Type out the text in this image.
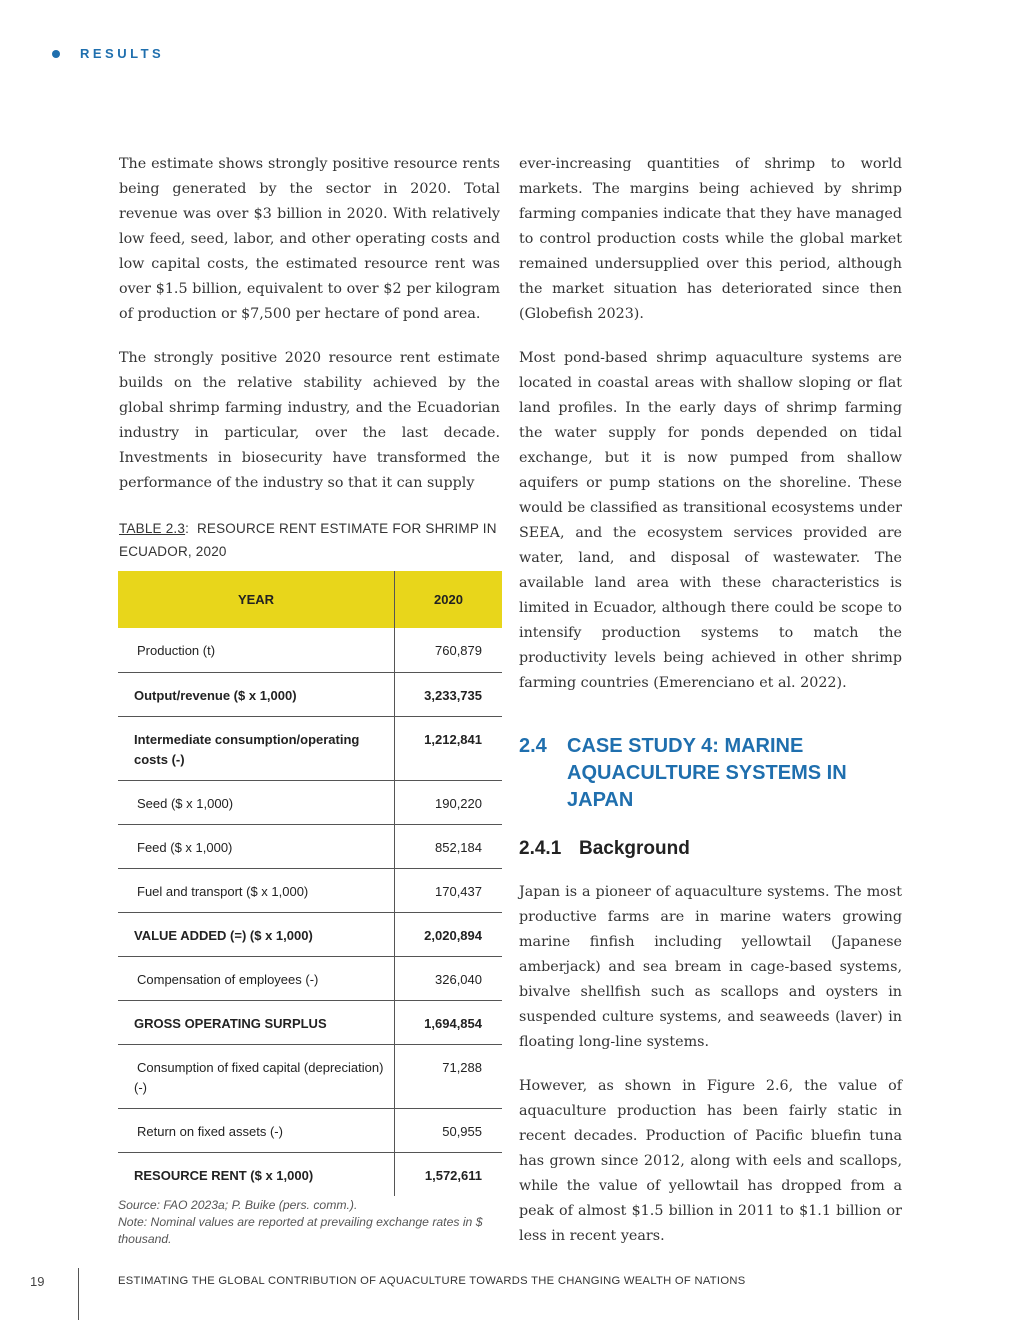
RESULTS

The estimate shows strongly positive resource rents being generated by the sector in 2020. Total revenue was over $3 billion in 2020. With relatively low feed, seed, labor, and other operating costs and low capital costs, the estimated resource rent was over $1.5 billion, equivalent to over $2 per kilogram of production or $7,500 per hectare of pond area.

The strongly positive 2020 resource rent estimate builds on the relative stability achieved by the global shrimp farming industry, and the Ecuadorian industry in particular, over the last decade. Investments in biosecurity have transformed the performance of the industry so that it can supply

TABLE 2.3: RESOURCE RENT ESTIMATE FOR SHRIMP IN ECUADOR, 2020
YEAR	2020

Production (t)	760,879

Output/revenue ($ x 1,000)	3,233,735

Intermediate consumption/operating costs (-)	1,212,841

Seed ($ x 1,000)	190,220

Feed ($ x 1,000)	852,184

Fuel and transport ($ x 1,000)	170,437

VALUE ADDED (=) ($ x 1,000)	2,020,894

Compensation of employees (-)	326,040

GROSS OPERATING SURPLUS	1,694,854

Consumption of fixed capital (depreciation) (-)	71,288

Return on fixed assets (-)	50,955

RESOURCE RENT ($ x 1,000)	1,572,611
Source: FAO 2023a; P. Buike (pers. comm.).
Note: Nominal values are reported at prevailing exchange rates in $ thousand.

ever-increasing quantities of shrimp to world markets. The margins being achieved by shrimp farming companies indicate that they have managed to control production costs while the global market remained undersupplied over this period, although the market situation has deteriorated since then (Globefish 2023).

Most pond-based shrimp aquaculture systems are located in coastal areas with shallow sloping or flat land profiles. In the early days of shrimp farming the water supply for ponds depended on tidal exchange, but it is now pumped from shallow aquifers or pump stations on the shoreline. These would be classified as transitional ecosystems under SEEA, and the ecosystem services provided are water, land, and disposal of wastewater. The available land area with these characteristics is limited in Ecuador, although there could be scope to intensify production systems to match the productivity levels being achieved in other shrimp farming countries (Emerenciano et al. 2022).

2.4	CASE STUDY 4: MARINE AQUACULTURE SYSTEMS IN JAPAN
2.4.1 Background

Japan is a pioneer of aquaculture systems. The most productive farms are in marine waters growing marine finfish including yellowtail (Japanese amberjack) and sea bream in cage-based systems, bivalve shellfish such as scallops and oysters in suspended culture systems, and seaweeds (laver) in floating long-line systems.

However, as shown in Figure 2.6, the value of aquaculture production has been fairly static in recent decades. Production of Pacific bluefin tuna has grown since 2012, along with eels and scallops, while the value of yellowtail has dropped from a peak of almost $1.5 billion in 2011 to $1.1 billion or less in recent years.

19	ESTIMATING THE GLOBAL CONTRIBUTION OF AQUACULTURE TOWARDS THE CHANGING WEALTH OF NATIONS
